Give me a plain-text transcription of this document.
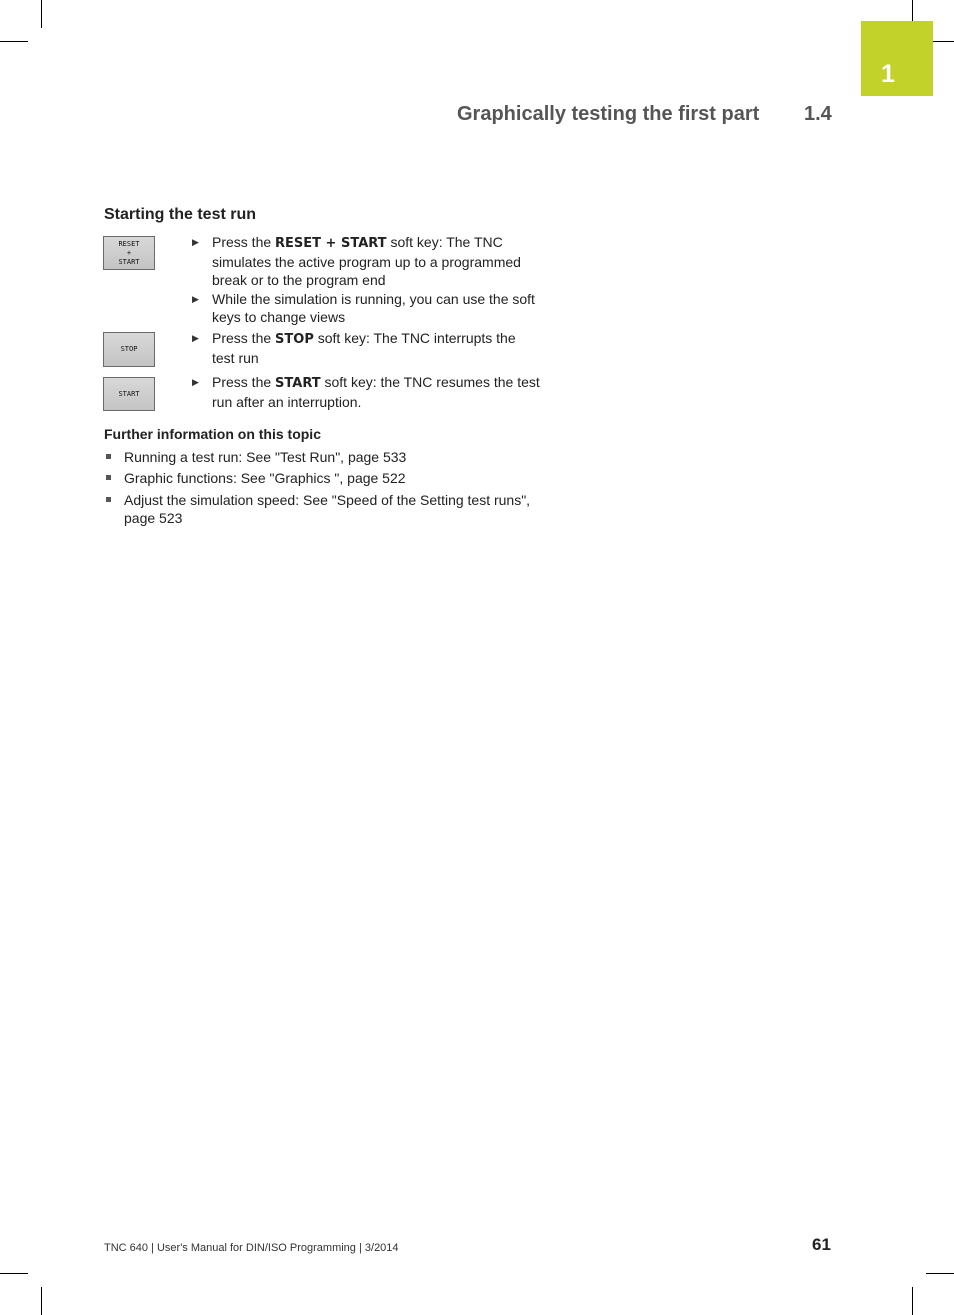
1
Graphically testing the first part 1.4
Starting the test run
RESET
+
START
STOP
START
▶ Press the RESET + START soft key: The TNC simulates the active program up to a programmed break or to the program end
▶ While the simulation is running, you can use the soft keys to change views
▶ Press the STOP soft key: The TNC interrupts the test run
▶ Press the START soft key: the TNC resumes the test run after an interruption.
Further information on this topic
Running a test run: See "Test Run", page 533
Graphic functions: See "Graphics ", page 522
Adjust the simulation speed: See "Speed of the Setting test runs", page 523
TNC 640 | User's Manual for DIN/ISO Programming | 3/2014	61
